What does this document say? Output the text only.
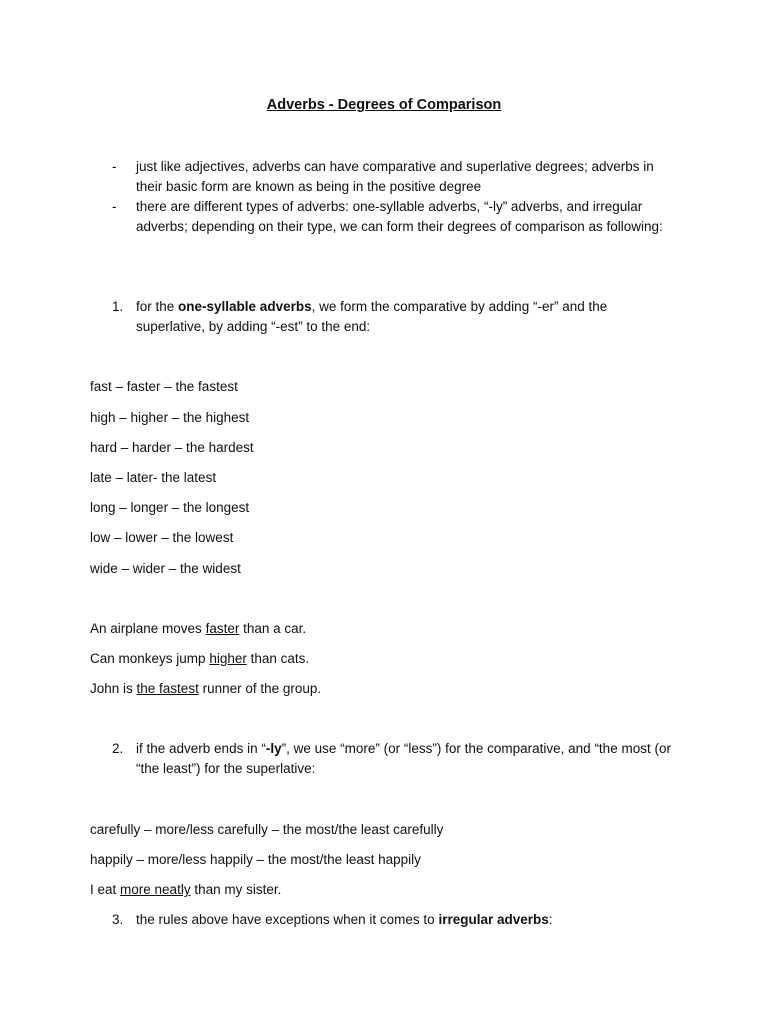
Adverbs - Degrees of Comparison
-	just like adjectives, adverbs can have comparative and superlative degrees; adverbs in their basic form are known as being in the positive degree
-	there are different types of adverbs: one-syllable adverbs, “-ly” adverbs, and irregular adverbs; depending on their type, we can form their degrees of comparison as following:
1. for the one-syllable adverbs, we form the comparative by adding “-er” and the superlative, by adding “-est” to the end:
fast – faster – the fastest
high – higher – the highest
hard – harder – the hardest
late – later- the latest
long – longer – the longest
low – lower – the lowest
wide – wider – the widest
An airplane moves faster than a car.
Can monkeys jump higher than cats.
John is the fastest runner of the group.
2. if the adverb ends in “-ly”, we use “more” (or “less”) for the comparative, and “the most (or “the least”) for the superlative:
carefully – more/less carefully – the most/the least carefully
happily – more/less happily – the most/the least happily
I eat more neatly than my sister.
3. the rules above have exceptions when it comes to irregular adverbs:
